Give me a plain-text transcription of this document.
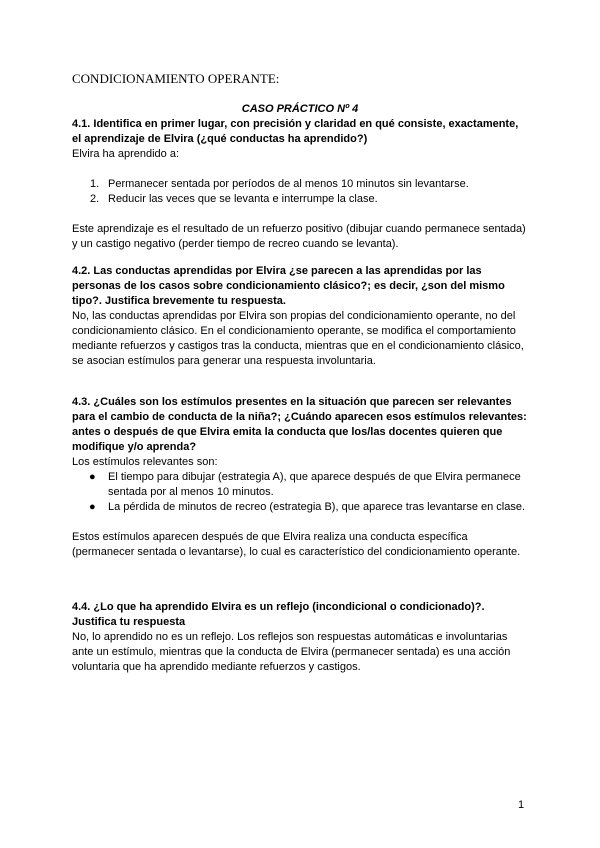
CONDICIONAMIENTO OPERANTE:
CASO PRÁCTICO Nº 4

4.1. Identifica en primer lugar, con precisión y claridad en qué consiste, exactamente, el aprendizaje de Elvira (¿qué conductas ha aprendido?)

Elvira ha aprendido a:

1. Permanecer sentada por períodos de al menos 10 minutos sin levantarse.
2. Reducir las veces que se levanta e interrumpe la clase.

Este aprendizaje es el resultado de un refuerzo positivo (dibujar cuando permanece sentada) y un castigo negativo (perder tiempo de recreo cuando se levanta).

4.2. Las conductas aprendidas por Elvira ¿se parecen a las aprendidas por las personas de los casos sobre condicionamiento clásico?; es decir, ¿son del mismo tipo?. Justifica brevemente tu respuesta.

No, las conductas aprendidas por Elvira son propias del condicionamiento operante, no del condicionamiento clásico. En el condicionamiento operante, se modifica el comportamiento mediante refuerzos y castigos tras la conducta, mientras que en el condicionamiento clásico, se asocian estímulos para generar una respuesta involuntaria.

4.3. ¿Cuáles son los estímulos presentes en la situación que parecen ser relevantes para el cambio de conducta de la niña?; ¿Cuándo aparecen esos estímulos relevantes: antes o después de que Elvira emita la conducta que los/las docentes quieren que modifique y/o aprenda?

Los estímulos relevantes son:

● El tiempo para dibujar (estrategia A), que aparece después de que Elvira permanece sentada por al menos 10 minutos.
● La pérdida de minutos de recreo (estrategia B), que aparece tras levantarse en clase.

Estos estímulos aparecen después de que Elvira realiza una conducta específica (permanecer sentada o levantarse), lo cual es característico del condicionamiento operante.

4.4. ¿Lo que ha aprendido Elvira es un reflejo (incondicional o condicionado)?. Justifica tu respuesta

No, lo aprendido no es un reflejo. Los reflejos son respuestas automáticas e involuntarias ante un estímulo, mientras que la conducta de Elvira (permanecer sentada) es una acción voluntaria que ha aprendido mediante refuerzos y castigos.

1
